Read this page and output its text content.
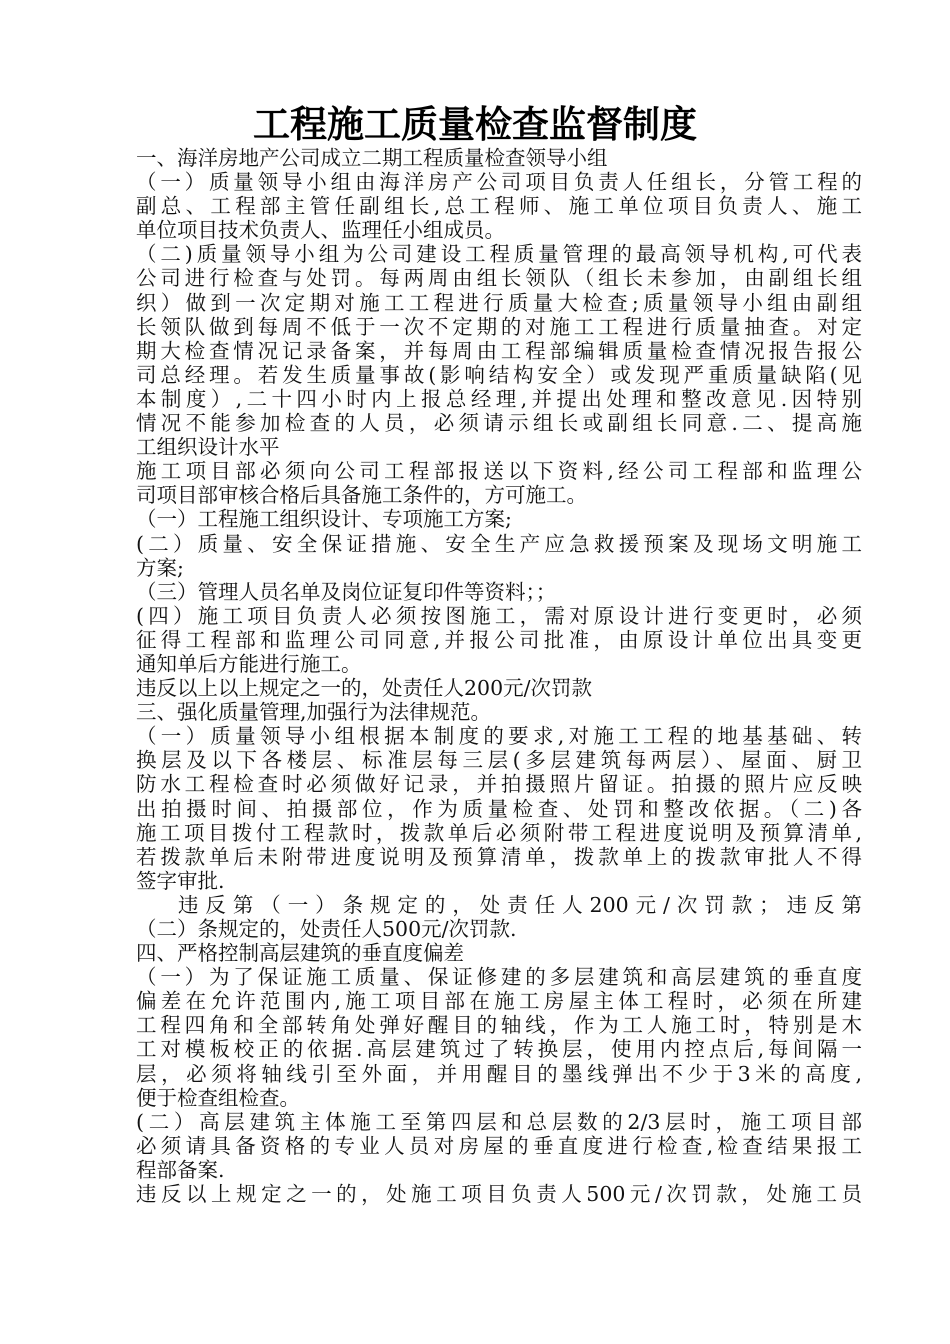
工程施工质量检查监督制度
一、海洋房地产公司成立二期工程质量检查领导小组
（一）质量领导小组由海洋房产公司项目负责人任组长，分管工程的
副总、工程部主管任副组长,总工程师、施工单位项目负责人、施工
单位项目技术负责人、监理任小组成员。
（二)质量领导小组为公司建设工程质量管理的最高领导机构,可代表
公司进行检查与处罚。每两周由组长领队（组长未参加，由副组长组
织）做到一次定期对施工工程进行质量大检查;质量领导小组由副组
长领队做到每周不低于一次不定期的对施工工程进行质量抽查。对定
期大检查情况记录备案，并每周由工程部编辑质量检查情况报告报公
司总经理。若发生质量事故(影响结构安全）或发现严重质量缺陷(见
本制度）,二十四小时内上报总经理,并提出处理和整改意见.因特别
情况不能参加检查的人员，必须请示组长或副组长同意.二、提高施
工组织设计水平
施工项目部必须向公司工程部报送以下资料,经公司工程部和监理公
司项目部审核合格后具备施工条件的，方可施工。
（一）工程施工组织设计、专项施工方案;
(二）质量、安全保证措施、安全生产应急救援预案及现场文明施工
方案;
（三）管理人员名单及岗位证复印件等资料；；
(四）施工项目负责人必须按图施工，需对原设计进行变更时，必须
征得工程部和监理公司同意,并报公司批准，由原设计单位出具变更
通知单后方能进行施工。
违反以上以上规定之一的，处责任人200元/次罚款
三、强化质量管理,加强行为法律规范。
（一）质量领导小组根据本制度的要求,对施工工程的地基基础、转
换层及以下各楼层、标准层每三层(多层建筑每两层）、屋面、厨卫
防水工程检查时必须做好记录，并拍摄照片留证。拍摄的照片应反映
出拍摄时间、拍摄部位，作为质量检查、处罚和整改依据。（二)各
施工项目拨付工程款时，拨款单后必须附带工程进度说明及预算清单,
若拨款单后未附带进度说明及预算清单，拨款单上的拨款审批人不得
签字审批.
违反第（一）条规定的，处责任人200元/次罚款；违反第
（二）条规定的，处责任人500元/次罚款.
四、严格控制高层建筑的垂直度偏差
（一）为了保证施工质量、保证修建的多层建筑和高层建筑的垂直度
偏差在允许范围内,施工项目部在施工房屋主体工程时，必须在所建
工程四角和全部转角处弹好醒目的轴线，作为工人施工时，特别是木
工对模板校正的依据.高层建筑过了转换层，使用内控点后,每间隔一
层，必须将轴线引至外面，并用醒目的墨线弹出不少于3米的高度,
便于检查组检查。
(二）高层建筑主体施工至第四层和总层数的2/3层时，施工项目部
必须请具备资格的专业人员对房屋的垂直度进行检查,检查结果报工
程部备案.
违反以上规定之一的，处施工项目负责人500元/次罚款，处施工员
